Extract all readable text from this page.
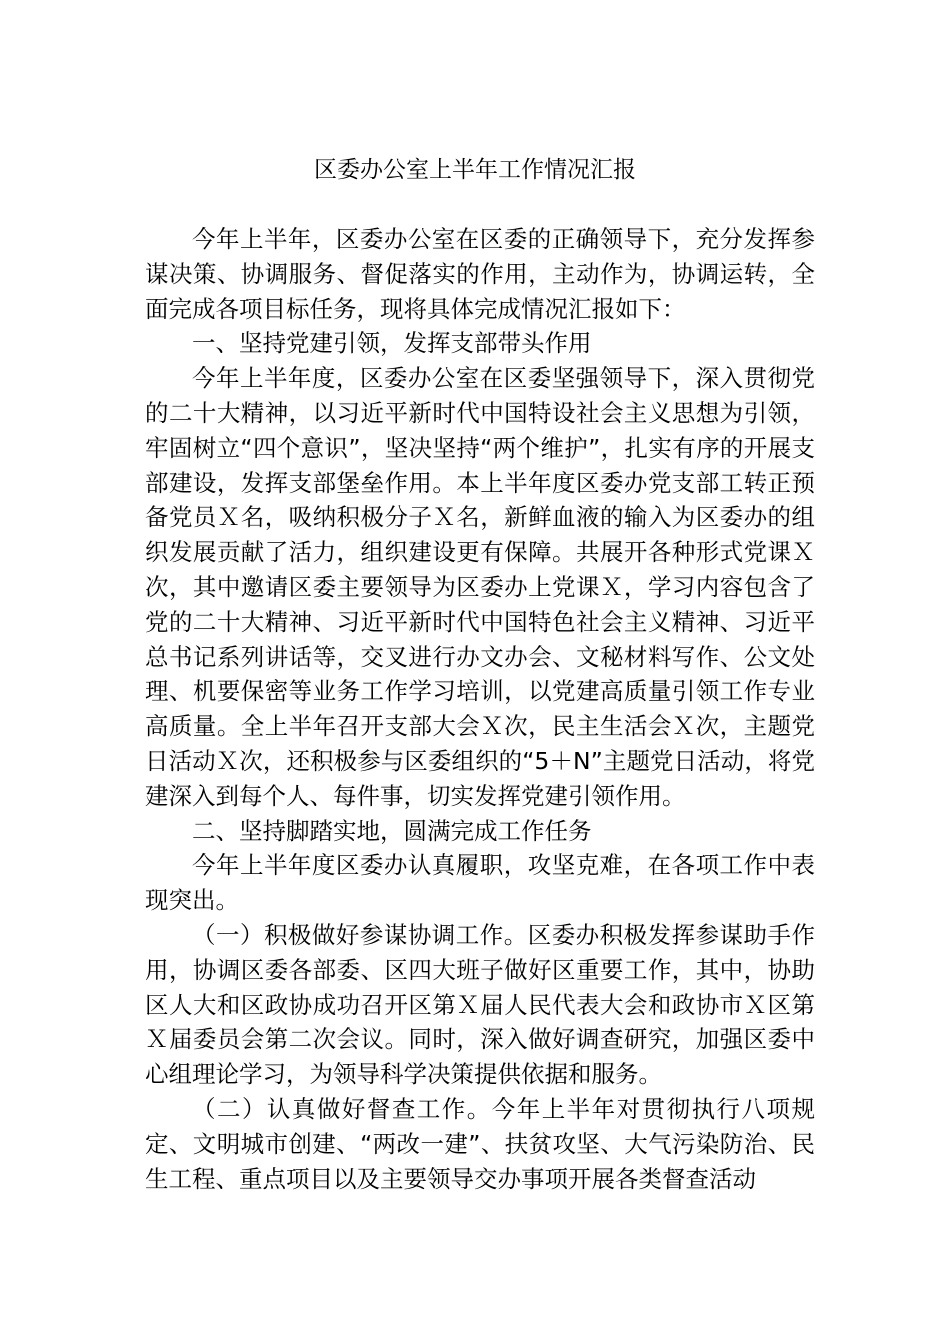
区委办公室上半年工作情况汇报

今年上半年，区委办公室在区委的正确领导下，充分发挥参谋决策、协调服务、督促落实的作用，主动作为，协调运转，全面完成各项目标任务，现将具体完成情况汇报如下：

一、坚持党建引领，发挥支部带头作用

今年上半年度，区委办公室在区委坚强领导下，深入贯彻党的二十大精神，以习近平新时代中国特设社会主义思想为引领，牢固树立“四个意识”，坚决坚持“两个维护”，扎实有序的开展支部建设，发挥支部堡垒作用。本上半年度区委办党支部工转正预备党员Ｘ名，吸纳积极分子Ｘ名，新鲜血液的输入为区委办的组织发展贡献了活力，组织建设更有保障。共展开各种形式党课Ｘ次，其中邀请区委主要领导为区委办上党课Ｘ，学习内容包含了党的二十大精神、习近平新时代中国特色社会主义精神、习近平总书记系列讲话等，交叉进行办文办会、文秘材料写作、公文处理、机要保密等业务工作学习培训，以党建高质量引领工作专业高质量。全上半年召开支部大会Ｘ次，民主生活会Ｘ次，主题党日活动Ｘ次，还积极参与区委组织的“5＋N”主题党日活动，将党建深入到每个人、每件事，切实发挥党建引领作用。

二、坚持脚踏实地，圆满完成工作任务

今年上半年度区委办认真履职，攻坚克难，在各项工作中表现突出。

（一）积极做好参谋协调工作。区委办积极发挥参谋助手作用，协调区委各部委、区四大班子做好区重要工作，其中，协助区人大和区政协成功召开区第Ｘ届人民代表大会和政协市Ｘ区第Ｘ届委员会第二次会议。同时，深入做好调查研究，加强区委中心组理论学习，为领导科学决策提供依据和服务。

（二）认真做好督查工作。今年上半年对贯彻执行八项规定、文明城市创建、“两改一建”、扶贫攻坚、大气污染防治、民生工程、重点项目以及主要领导交办事项开展各类督查活动
